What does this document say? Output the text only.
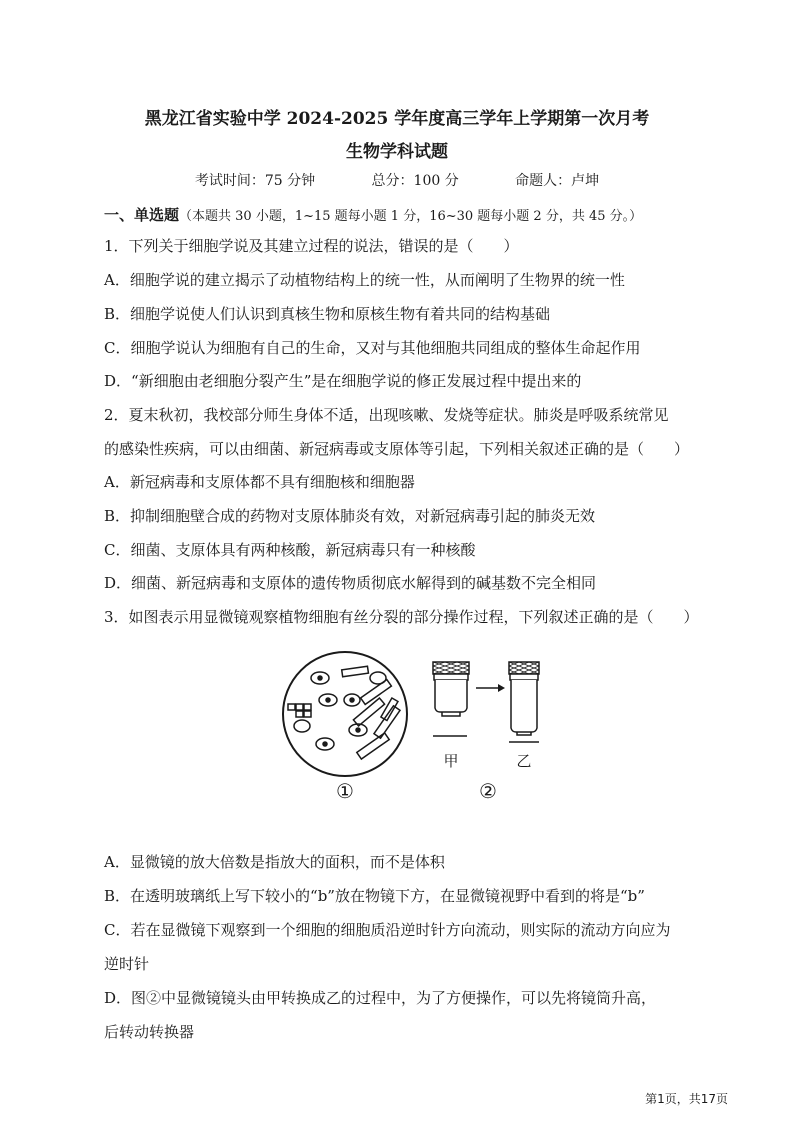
黑龙江省实验中学 2024-2025 学年度高三学年上学期第一次月考
生物学科试题
考试时间：75 分钟	总分：100 分	命题人：卢坤
一、单选题（本题共 30 小题，1~15 题每小题 1 分，16~30 题每小题 2 分，共 45 分。）
1．下列关于细胞学说及其建立过程的说法，错误的是（　　）
A．细胞学说的建立揭示了动植物结构上的统一性，从而阐明了生物界的统一性
B．细胞学说使人们认识到真核生物和原核生物有着共同的结构基础
C．细胞学说认为细胞有自己的生命，又对与其他细胞共同组成的整体生命起作用
D．“新细胞由老细胞分裂产生”是在细胞学说的修正发展过程中提出来的
2．夏末秋初，我校部分师生身体不适，出现咳嗽、发烧等症状。肺炎是呼吸系统常见
的感染性疾病，可以由细菌、新冠病毒或支原体等引起，下列相关叙述正确的是（　　）
A．新冠病毒和支原体都不具有细胞核和细胞器
B．抑制细胞壁合成的药物对支原体肺炎有效，对新冠病毒引起的肺炎无效
C．细菌、支原体具有两种核酸，新冠病毒只有一种核酸
D．细菌、新冠病毒和支原体的遗传物质彻底水解得到的碱基数不完全相同
3．如图表示用显微镜观察植物细胞有丝分裂的部分操作过程，下列叙述正确的是（　　）
甲	乙
①	②
A．显微镜的放大倍数是指放大的面积，而不是体积
B．在透明玻璃纸上写下较小的“b”放在物镜下方，在显微镜视野中看到的将是“b”
C．若在显微镜下观察到一个细胞的细胞质沿逆时针方向流动，则实际的流动方向应为
逆时针
D．图②中显微镜镜头由甲转换成乙的过程中，为了方便操作，可以先将镜筒升高，
后转动转换器
第1页，共17页
